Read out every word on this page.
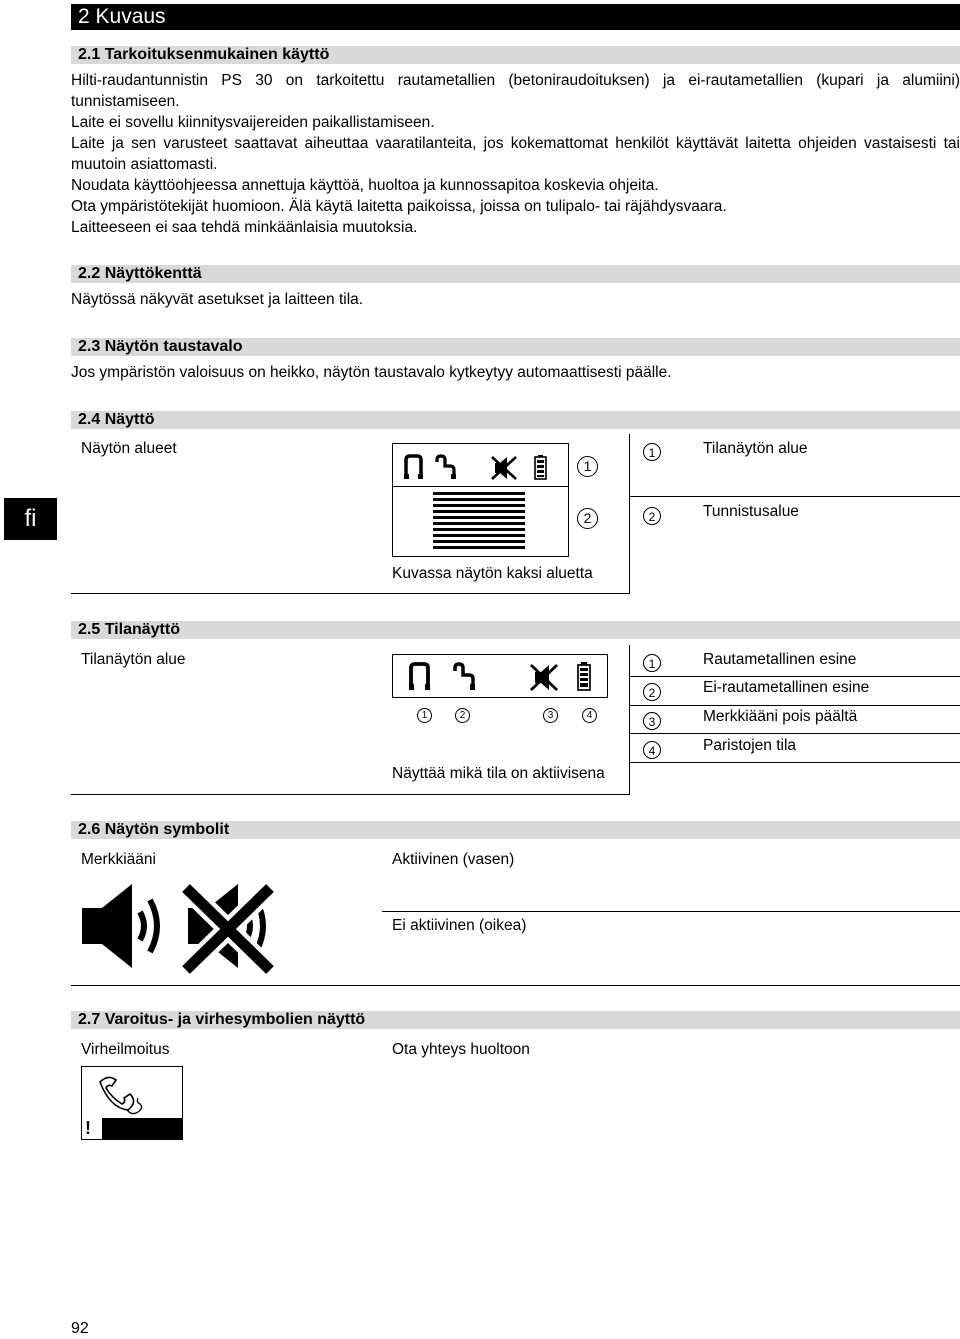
2 Kuvaus
2.1 Tarkoituksenmukainen käyttö
Hilti-raudantunnistin PS 30 on tarkoitettu rautametallien (betoniraudoituksen) ja ei-rautametallien (kupari ja alumiini) tunnistamiseen.
Laite ei sovellu kiinnitysvaijereiden paikallistamiseen.
Laite ja sen varusteet saattavat aiheuttaa vaaratilanteita, jos kokemattomat henkilöt käyttävät laitetta ohjeiden vastaisesti tai muutoin asiattomasti.
Noudata käyttöohjeessa annettuja käyttöä, huoltoa ja kunnossapitoa koskevia ohjeita.
Ota ympäristötekijät huomioon. Älä käytä laitetta paikoissa, joissa on tulipalo- tai räjähdysvaara.
Laitteeseen ei saa tehdä minkäänlaisia muutoksia.
2.2 Näyttökenttä
Näytössä näkyvät asetukset ja laitteen tila.
2.3 Näytön taustavalo
Jos ympäristön valoisuus on heikko, näytön taustavalo kytkeytyy automaattisesti päälle.
2.4 Näyttö
Näytön alueet
1
2
Kuvassa näytön kaksi aluetta
1	Tilanäytön alue
2	Tunnistusalue
2.5 Tilanäyttö
Tilanäytön alue
1	2	3	4
Näyttää mikä tila on aktiivisena
1	Rautametallinen esine
2	Ei-rautametallinen esine
3	Merkkiääni pois päältä
4	Paristojen tila
2.6 Näytön symbolit
Merkkiääni	Aktiivinen (vasen)
Ei aktiivinen (oikea)
2.7 Varoitus- ja virhesymbolien näyttö
Virheilmoitus	Ota yhteys huoltoon
!
fi
92
